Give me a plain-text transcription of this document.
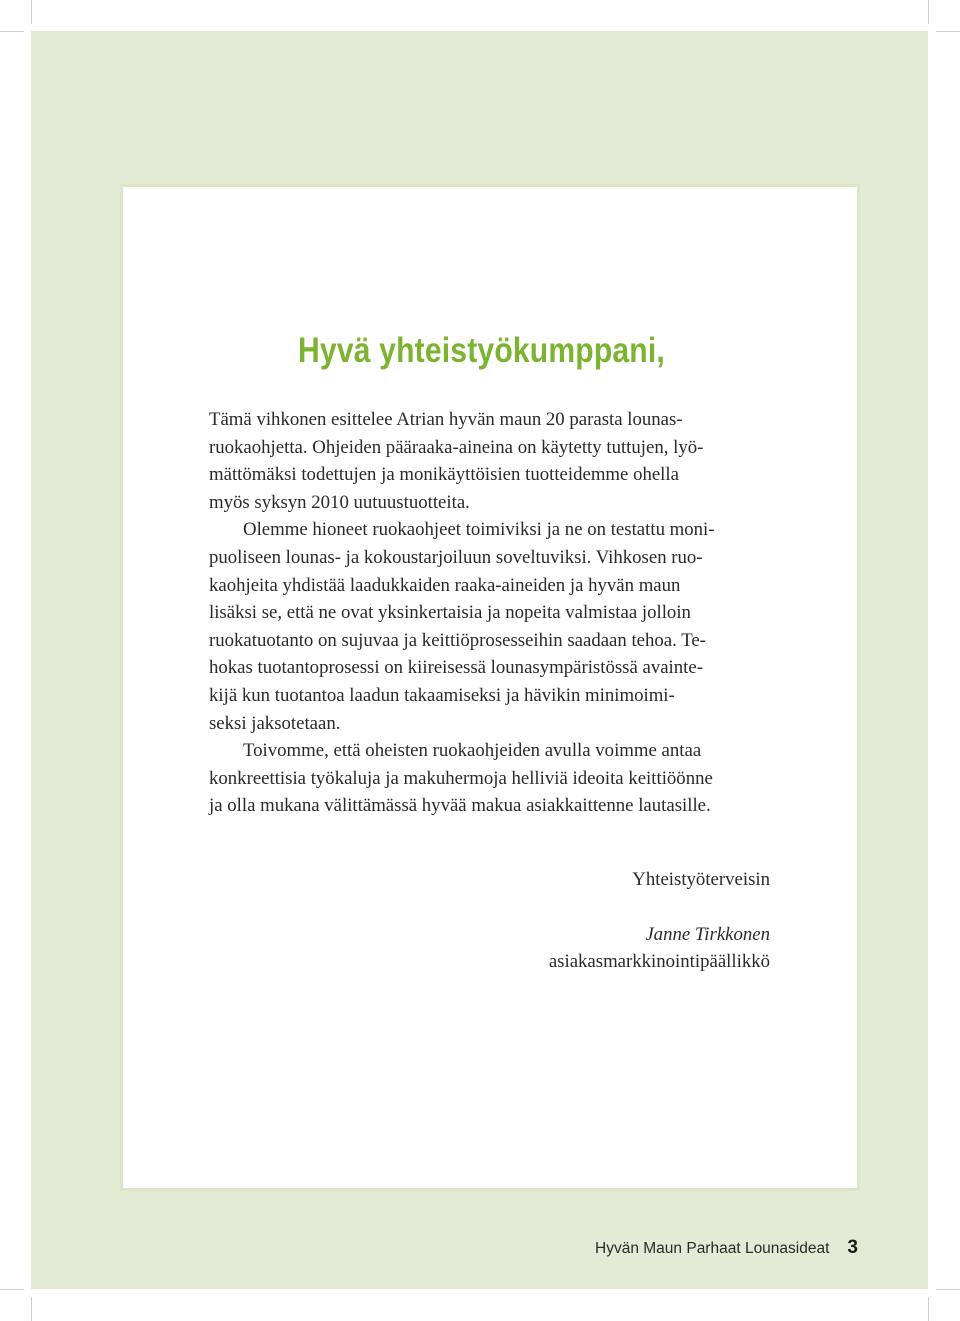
Hyvä yhteistyökumppani,
Tämä vihkonen esittelee Atrian hyvän maun 20 parasta lounas-
ruokaohjetta. Ohjeiden pääraaka-aineina on käytetty tuttujen, lyö-
mättömäksi todettujen ja monikäyttöisien tuotteidemme ohella
myös syksyn 2010 uutuustuotteita.
Olemme hioneet ruokaohjeet toimiviksi ja ne on testattu moni-
puoliseen lounas- ja kokoustarjoiluun soveltuviksi. Vihkosen ruo-
kaohjeita yhdistää laadukkaiden raaka-aineiden ja hyvän maun
lisäksi se, että ne ovat yksinkertaisia ja nopeita valmistaa jolloin
ruokatuotanto on sujuvaa ja keittiöprosesseihin saadaan tehoa. Te-
hokas tuotantoprosessi on kiireisessä lounasympäristössä avainte-
kijä kun tuotantoa laadun takaamiseksi ja hävikin minimoimi-
seksi jaksotetaan.
Toivomme, että oheisten ruokaohjeiden avulla voimme antaa
konkreettisia työkaluja ja makuhermoja helliviä ideoita keittiöönne
ja olla mukana välittämässä hyvää makua asiakkaittenne lautasille.
Yhteistyöterveisin
Janne Tirkkonen
asiakasmarkkinointipäällikkö
Hyvän Maun Parhaat Lounasideat 3
